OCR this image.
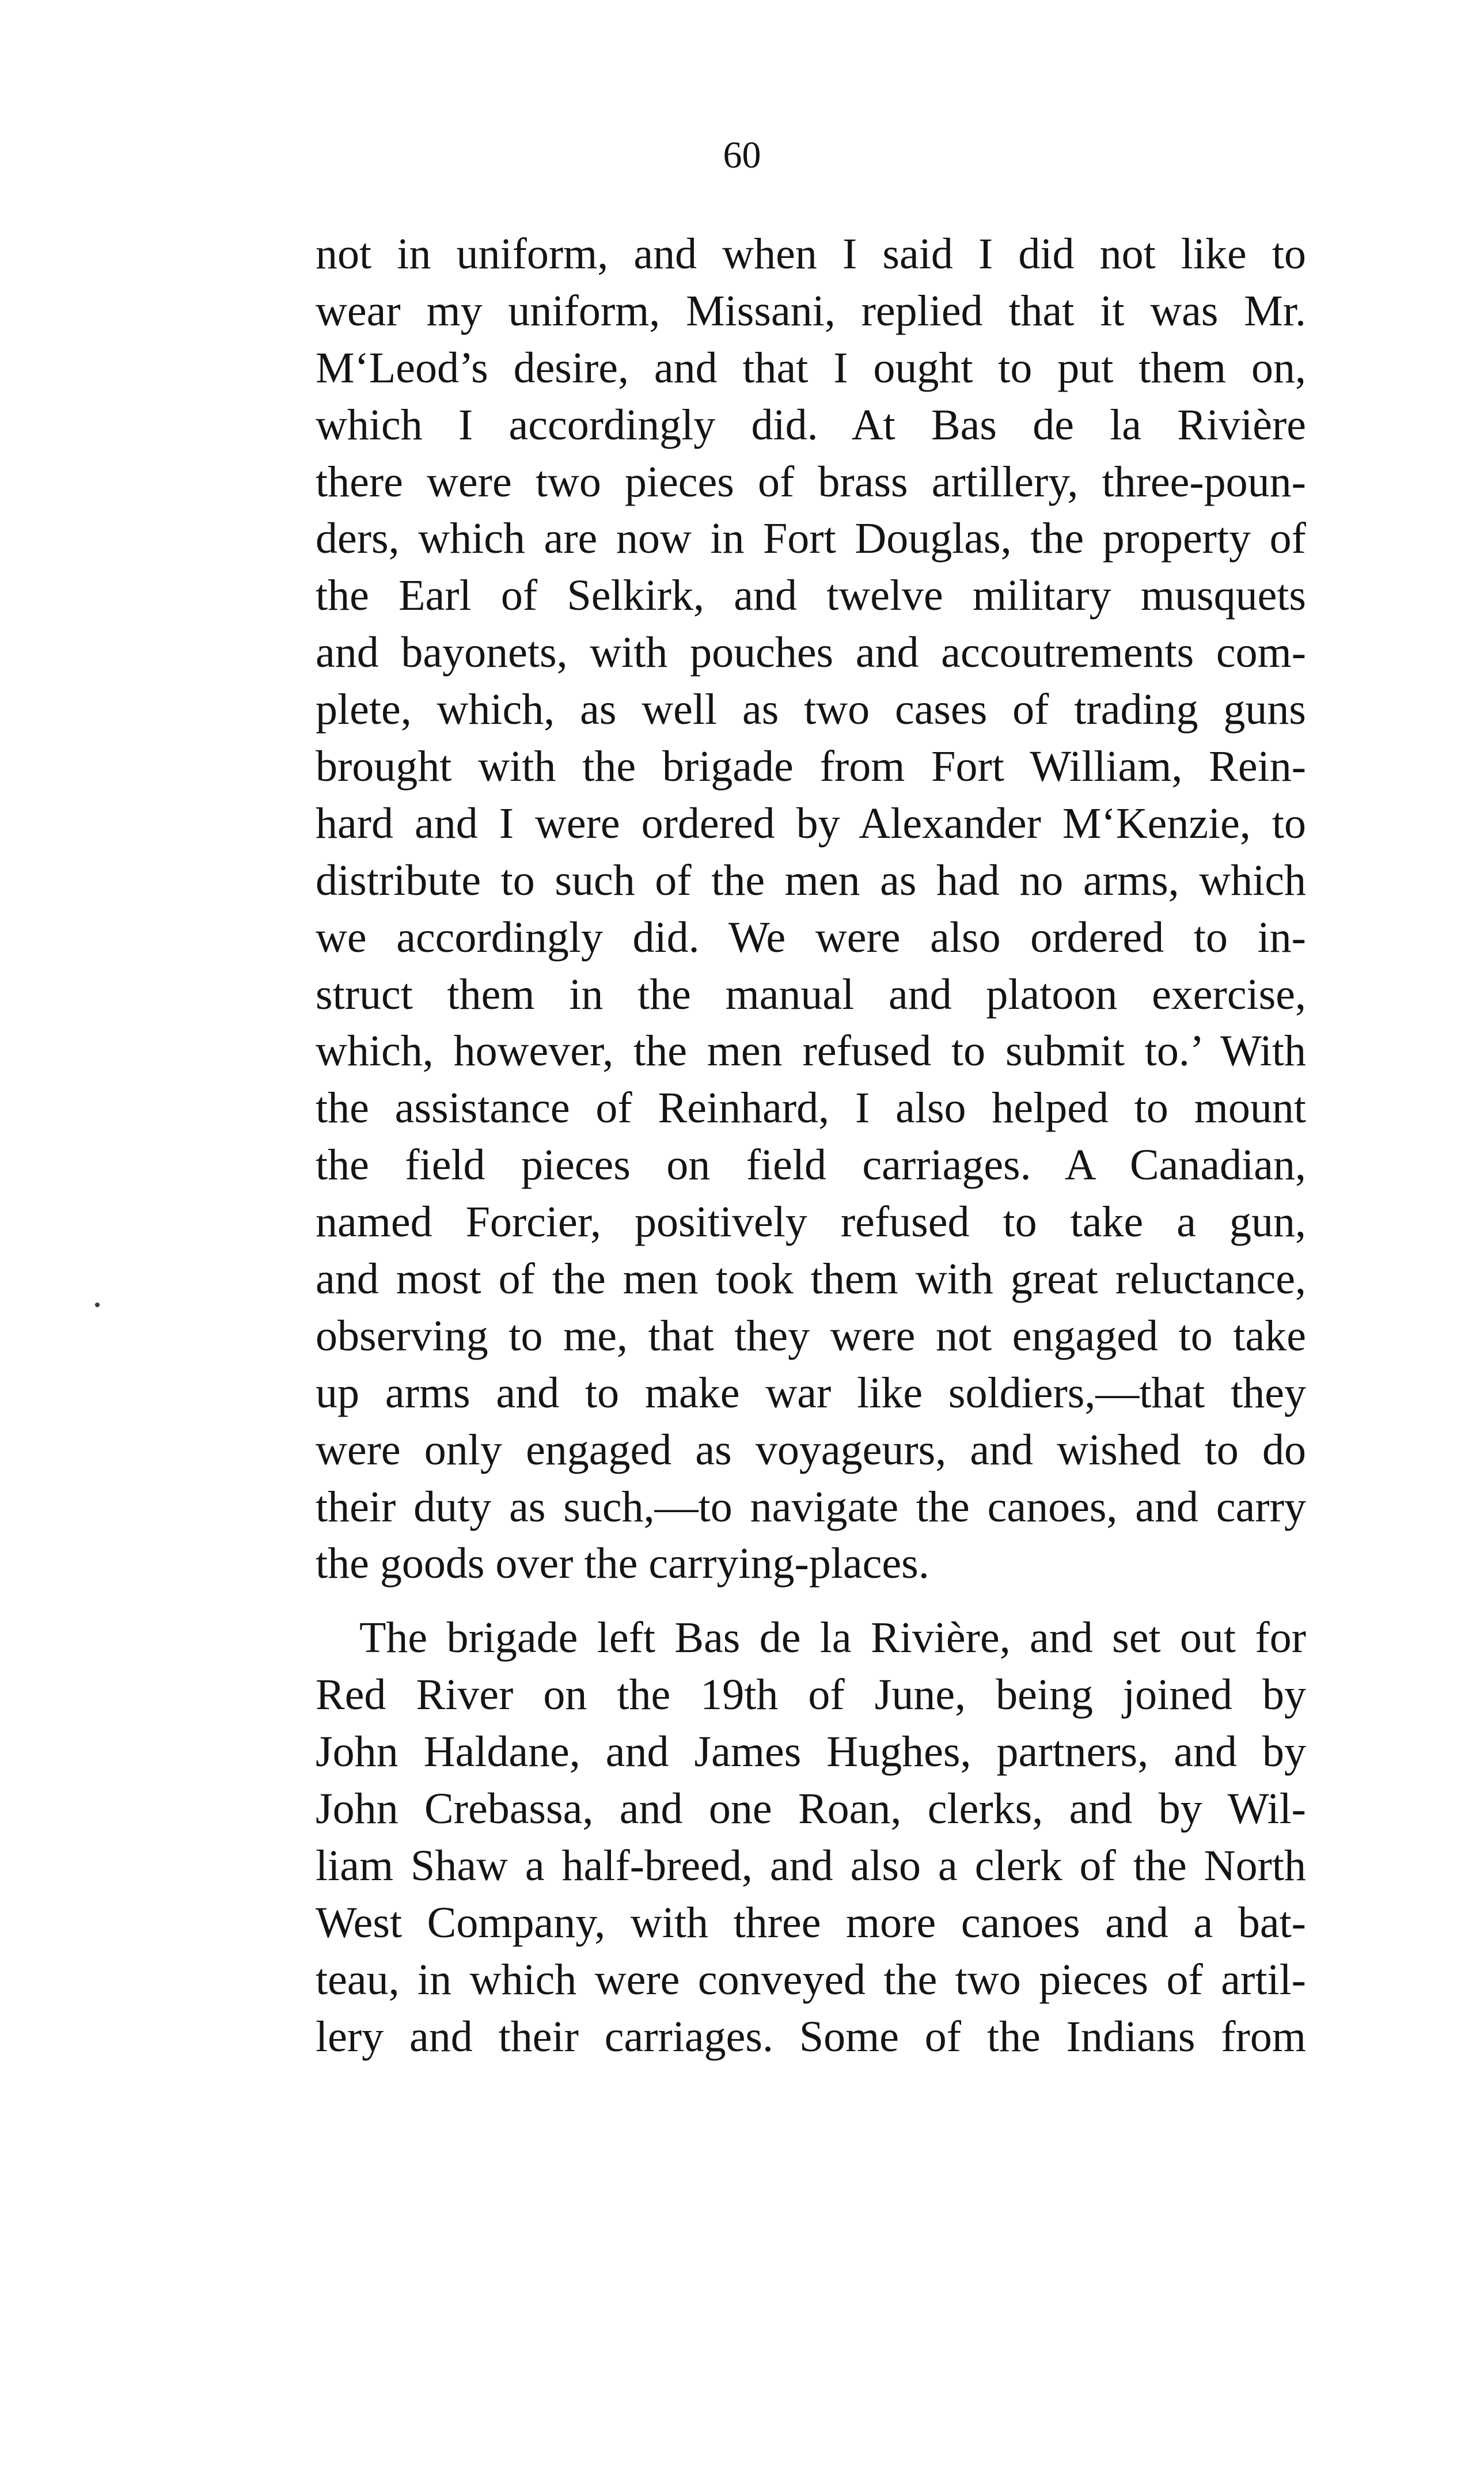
60
not in uniform, and when I said I did not like to
wear my uniform, Missani, replied that it was Mr.
M‘Leod’s desire, and that I ought to put them on,
which I accordingly did. At Bas de la Rivière
there were two pieces of brass artillery, three-poun-
ders, which are now in Fort Douglas, the property of
the Earl of Selkirk, and twelve military musquets
and bayonets, with pouches and accoutrements com-
plete, which, as well as two cases of trading guns
brought with the brigade from Fort William, Rein-
hard and I were ordered by Alexander M‘Kenzie, to
distribute to such of the men as had no arms, which
we accordingly did. We were also ordered to in-
struct them in the manual and platoon exercise,
which, however, the men refused to submit to.’ With
the assistance of Reinhard, I also helped to mount
the field pieces on field carriages. A Canadian,
named Forcier, positively refused to take a gun,
and most of the men took them with great reluctance,
observing to me, that they were not engaged to take
up arms and to make war like soldiers,—that they
were only engaged as voyageurs, and wished to do
their duty as such,—to navigate the canoes, and carry
the goods over the carrying-places.
The brigade left Bas de la Rivière, and set out for
Red River on the 19th of June, being joined by
John Haldane, and James Hughes, partners, and by
John Crebassa, and one Roan, clerks, and by Wil-
liam Shaw a half-breed, and also a clerk of the North
West Company, with three more canoes and a bat-
teau, in which were conveyed the two pieces of artil-
lery and their carriages. Some of the Indians from
